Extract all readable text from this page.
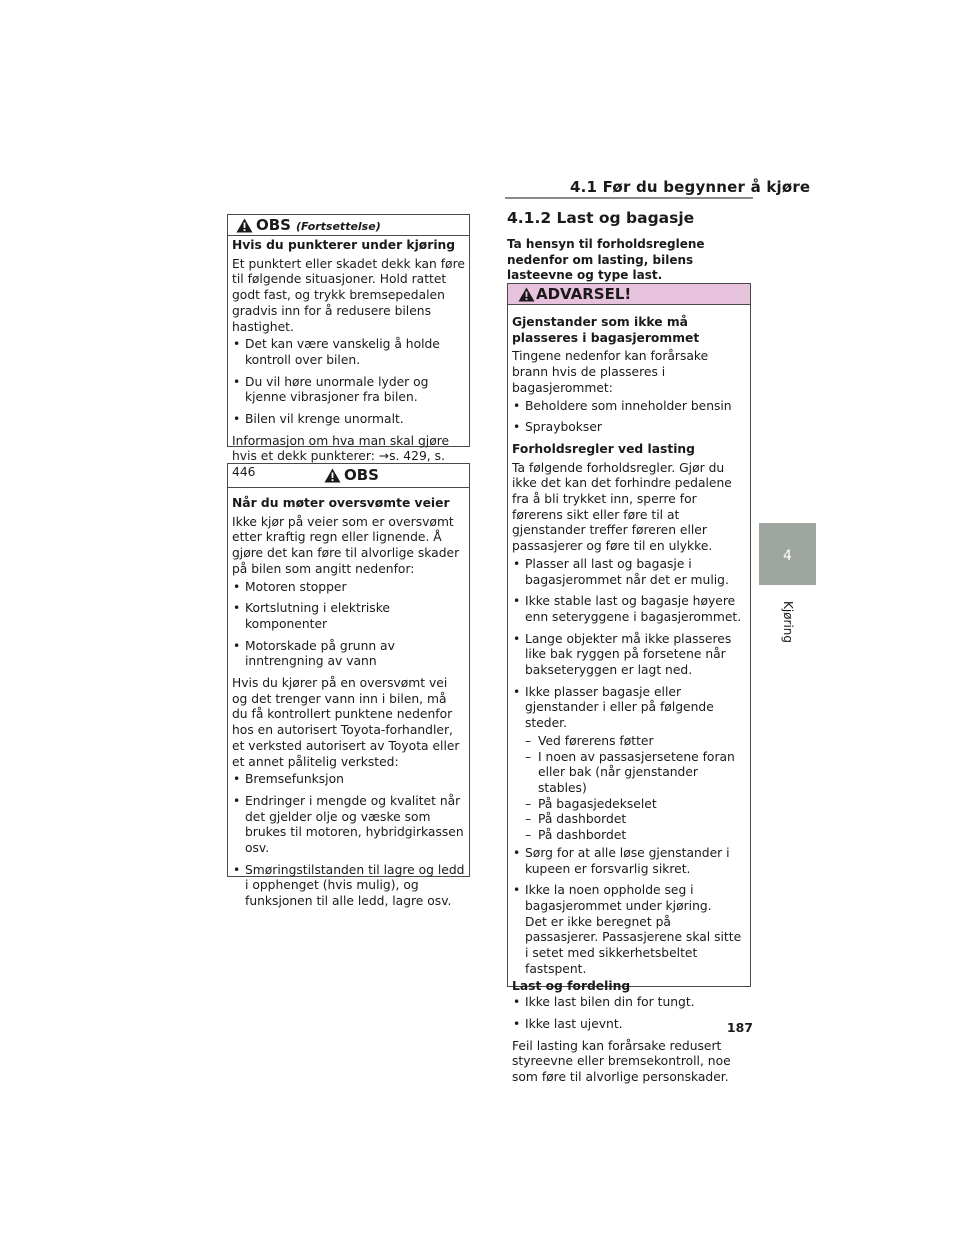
4.1 Før du begynner å kjøre
OBS (Fortsettelse)
Hvis du punkterer under kjøring

Et punktert eller skadet dekk kan føre til følgende situasjoner. Hold rattet godt fast, og trykk bremsepedalen gradvis inn for å redusere bilens hastighet.

• Det kan være vanskelig å holde kontroll over bilen.
• Du vil høre unormale lyder og kjenne vibrasjoner fra bilen.
• Bilen vil krenge unormalt.

Informasjon om hva man skal gjøre hvis et dekk punkterer: →s. 429, s. 446	OBS
Når du møter oversvømte veier

Ikke kjør på veier som er oversvømt etter kraftig regn eller lignende. Å gjøre det kan føre til alvorlige skader på bilen som angitt nedenfor:

• Motoren stopper
• Kortslutning i elektriske komponenter
• Motorskade på grunn av inntrengning av vann

Hvis du kjører på en oversvømt vei og det trenger vann inn i bilen, må du få kontrollert punktene nedenfor hos en autorisert Toyota-forhandler, et verksted autorisert av Toyota eller et annet pålitelig verksted:

• Bremsefunksjon
• Endringer i mengde og kvalitet når det gjelder olje og væske som brukes til motoren, hybridgirkassen osv.
• Smøringstilstanden til lagre og ledd i opphenget (hvis mulig), og funksjonen til alle ledd, lagre osv.
4.1.2 Last og bagasje
Ta hensyn til forholdsreglene nedenfor om lasting, bilens lasteevne og type last.
ADVARSEL!
Gjenstander som ikke må plasseres i bagasjerommet

Tingene nedenfor kan forårsake brann hvis de plasseres i bagasjerommet:

• Beholdere som inneholder bensin
• Spraybokser
Forholdsregler ved lasting

Ta følgende forholdsregler. Gjør du ikke det kan det forhindre pedalene fra å bli trykket inn, sperre for førerens sikt eller føre til at gjenstander treffer føreren eller passasjerer og føre til en ulykke.

• Plasser all last og bagasje i bagasjerommet når det er mulig.
• Ikke stable last og bagasje høyere enn seteryggene i bagasjerommet.
• Lange objekter må ikke plasseres like bak ryggen på forsetene når bakseteryggen er lagt ned.
• Ikke plasser bagasje eller gjenstander i eller på følgende steder.
– Ved førerens føtter
– I noen av passasjersetene foran eller bak (når gjenstander stables)
– På bagasjedekselet
– På dashbordet
– På dashbordet
• Sørg for at alle løse gjenstander i kupeen er forsvarlig sikret.
• Ikke la noen oppholde seg i bagasjerommet under kjøring.
Det er ikke beregnet på passasjerer. Passasjerene skal sitte i setet med sikkerhetsbeltet fastspent.
Last og fordeling
• Ikke last bilen din for tungt.
• Ikke last ujevnt.

Feil lasting kan forårsake redusert styreevne eller bremsekontroll, noe som føre til alvorlige personskader.

4
Kjøring
187
